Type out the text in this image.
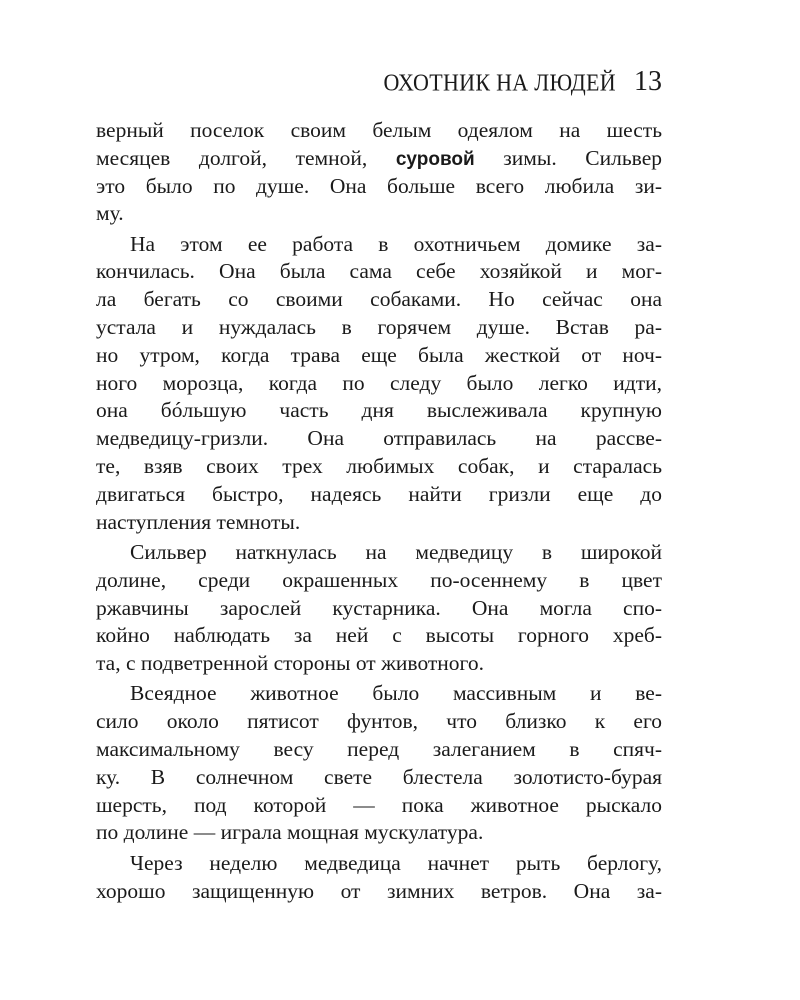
ОХОТНИК НА ЛЮДЕЙ 13
верный поселок своим белым одеялом на шесть
месяцев долгой, темной, суровой зимы. Сильвер
это было по душе. Она больше всего любила зи-
му.
На этом ее работа в охотничьем домике за-
кончилась. Она была сама себе хозяйкой и мог-
ла бегать со своими собаками. Но сейчас она
устала и нуждалась в горячем душе. Встав ра-
но утром, когда трава еще была жесткой от ноч-
ного морозца, когда по следу было легко идти,
она бóльшую часть дня выслеживала крупную
медведицу-гризли. Она отправилась на рассве-
те, взяв своих трех любимых собак, и старалась
двигаться быстро, надеясь найти гризли еще до
наступления темноты.
Сильвер наткнулась на медведицу в широкой
долине, среди окрашенных по-осеннему в цвет
ржавчины зарослей кустарника. Она могла спо-
койно наблюдать за ней с высоты горного хреб-
та, с подветренной стороны от животного.
Всеядное животное было массивным и ве-
сило около пятисот фунтов, что близко к его
максимальному весу перед залеганием в спяч-
ку. В солнечном свете блестела золотисто-бурая
шерсть, под которой — пока животное рыскало
по долине — играла мощная мускулатура.
Через неделю медведица начнет рыть берлогу,
хорошо защищенную от зимних ветров. Она за-
